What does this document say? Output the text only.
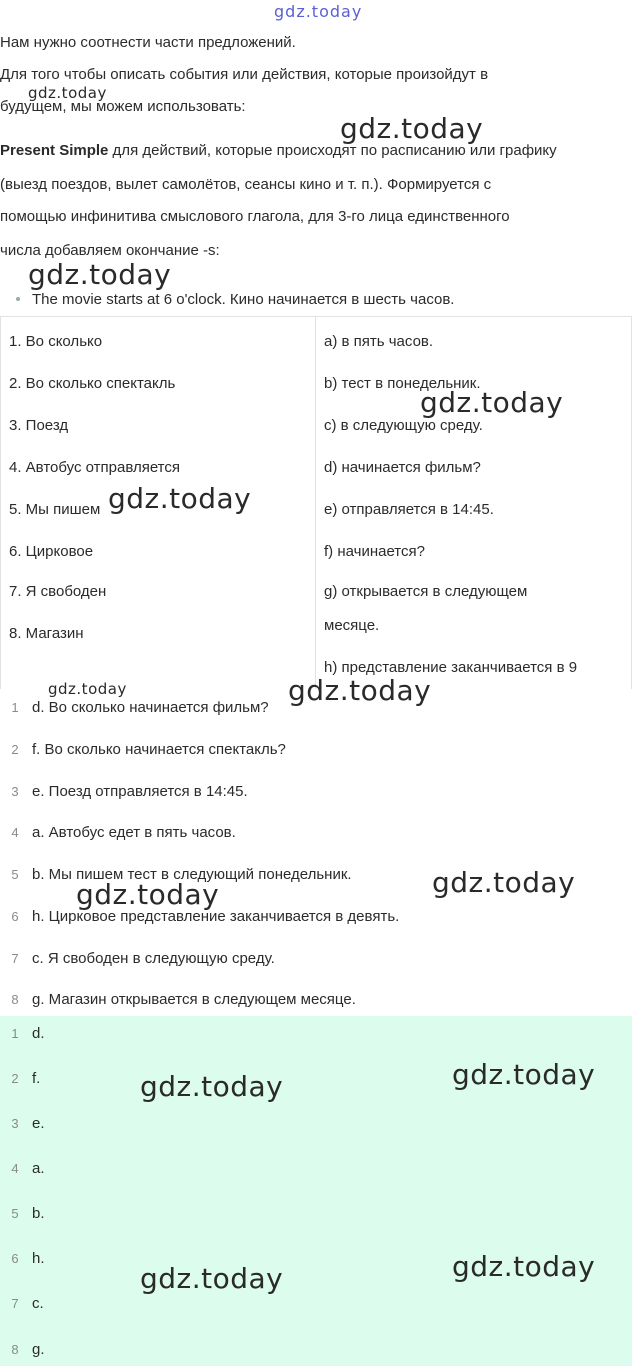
gdz.today

Нам нужно соотнести части предложений.

Для того чтобы описать события или действия, которые произойдут в

будущем, мы можем использовать:

Present Simple для действий, которые происходят по расписанию или графику

(выезд поездов, вылет самолётов, сеансы кино и т. п.). Формируется с

помощью инфинитива смыслового глагола, для 3-го лица единственного

числа добавляем окончание -s:

The movie starts at 6 o'clock. Кино начинается в шесть часов.
1. Во сколько
2. Во сколько спектакль
3. Поезд
4. Автобус отправляется
5. Мы пишем
6. Цирковое
7. Я свободен
8. Магазин
a) в пять часов.
b) тест в понедельник.
c) в следующую среду.
d) начинается фильм?
e) отправляется в 14:45.
f) начинается?
g) открывается в следующем
месяце.
h) представление заканчивается в 9
1 d. Во сколько начинается фильм?
2 f. Во сколько начинается спектакль?
3 e. Поезд отправляется в 14:45.
4 a. Автобус едет в пять часов.
5 b. Мы пишем тест в следующий понедельник.
6 h. Цирковое представление заканчивается в девять.
7 c. Я свободен в следующую среду.
8 g. Магазин открывается в следующем месяце.
1 d.
2 f.
3 e.
4 a.
5 b.
6 h.
7 c.
8 g.
gdz.today
gdz.today
gdz.today
gdz.today
gdz.today
gdz.today	gdz.today
gdz.today
gdz.today
gdz.today
gdz.today
gdz.today
gdz.today
